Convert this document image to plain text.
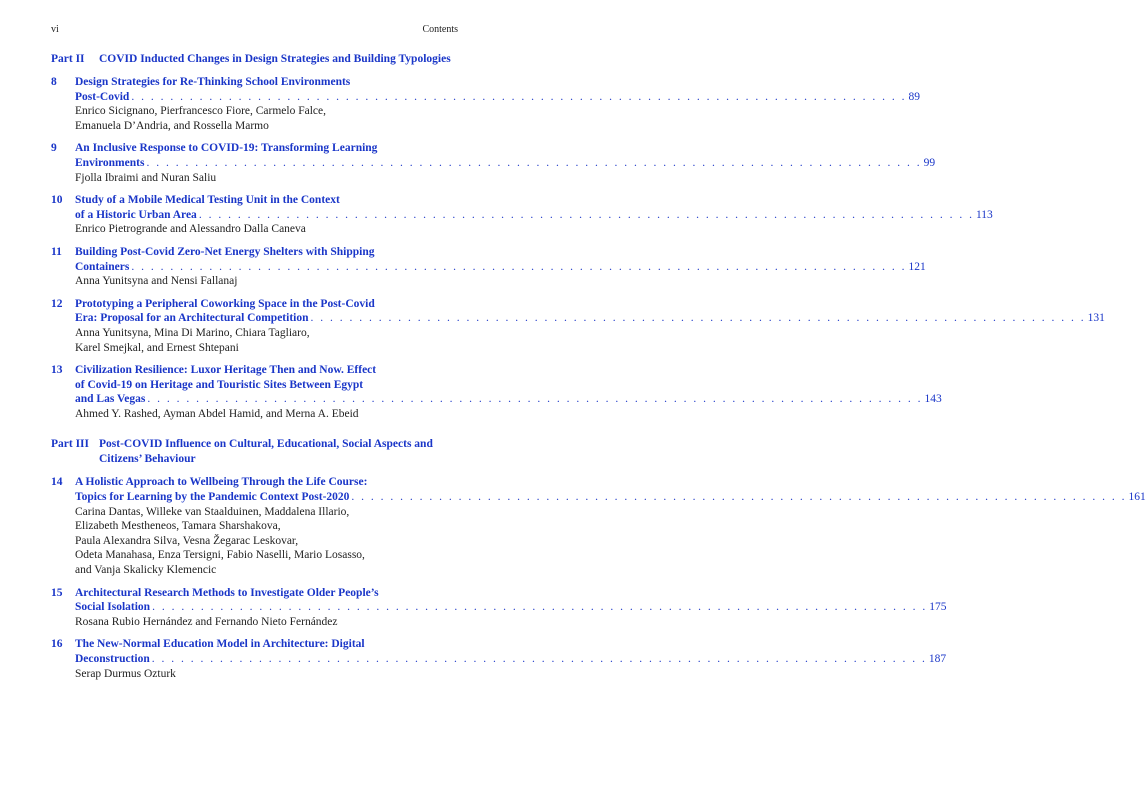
vi	Contents
Part II	COVID Inducted Changes in Design Strategies and Building Typologies
8	Design Strategies for Re-Thinking School Environments
Post-Covid . . . . . . . . . . . . . . . . . . . . . . . . . . . . . . . . . . . . . . . . . . . . . . . . . . . . . . . . . . . . . . . . . . . . . . . . . . . . . . . . 89
Enrico Sicignano, Pierfrancesco Fiore, Carmelo Falce,
Emanuela D’Andria, and Rossella Marmo
9	An Inclusive Response to COVID-19: Transforming Learning
Environments . . . . . . . . . . . . . . . . . . . . . . . . . . . . . . . . . . . . . . . . . . . . . . . . . . . . . . . . . . . . . . . . . . . . . . . . . . . . . . . . 99
Fjolla Ibraimi and Nuran Saliu
10	Study of a Mobile Medical Testing Unit in the Context
of a Historic Urban Area . . . . . . . . . . . . . . . . . . . . . . . . . . . . . . . . . . . . . . . . . . . . . . . . . . . . . . . . . . . . . . . . . . . . . . . . . . . . . . . . 113
Enrico Pietrogrande and Alessandro Dalla Caneva
11	Building Post-Covid Zero-Net Energy Shelters with Shipping
Containers . . . . . . . . . . . . . . . . . . . . . . . . . . . . . . . . . . . . . . . . . . . . . . . . . . . . . . . . . . . . . . . . . . . . . . . . . . . . . . . . 121
Anna Yunitsyna and Nensi Fallanaj
12	Prototyping a Peripheral Coworking Space in the Post-Covid
Era: Proposal for an Architectural Competition . . . . . . . . . . . . . . . . . . . . . . . . . . . . . . . . . . . . . . . . . . . . . . . . . . . . . . . . . . . . . . . . . . . . . . . . . . . . . . . . 131
Anna Yunitsyna, Mina Di Marino, Chiara Tagliaro,
Karel Smejkal, and Ernest Shtepani
13	Civilization Resilience: Luxor Heritage Then and Now. Effect
of Covid-19 on Heritage and Touristic Sites Between Egypt
and Las Vegas . . . . . . . . . . . . . . . . . . . . . . . . . . . . . . . . . . . . . . . . . . . . . . . . . . . . . . . . . . . . . . . . . . . . . . . . . . . . . . . . 143
Ahmed Y. Rashed, Ayman Abdel Hamid, and Merna A. Ebeid
Part III Post-COVID Influence on Cultural, Educational, Social Aspects and Citizens’ Behaviour
14	A Holistic Approach to Wellbeing Through the Life Course:
Topics for Learning by the Pandemic Context Post-2020 . . . . . . . . . . . . . . . . . . . . . . . . . . . . . . . . . . . . . . . . . . . . . . . . . . . . . . . . . . . . . . . . . . . . . . . . . . . . . . . . 161
Carina Dantas, Willeke van Staalduinen, Maddalena Illario,
Elizabeth Mestheneos, Tamara Sharshakova,
Paula Alexandra Silva, Vesna Žegarac Leskovar,
Odeta Manahasa, Enza Tersigni, Fabio Naselli, Mario Losasso,
and Vanja Skalicky Klemencic
15	Architectural Research Methods to Investigate Older People’s
Social Isolation . . . . . . . . . . . . . . . . . . . . . . . . . . . . . . . . . . . . . . . . . . . . . . . . . . . . . . . . . . . . . . . . . . . . . . . . . . . . . . . . 175
Rosana Rubio Hernández and Fernando Nieto Fernández
16	The New-Normal Education Model in Architecture: Digital
Deconstruction . . . . . . . . . . . . . . . . . . . . . . . . . . . . . . . . . . . . . . . . . . . . . . . . . . . . . . . . . . . . . . . . . . . . . . . . . . . . . . . . 187
Serap Durmus Ozturk
